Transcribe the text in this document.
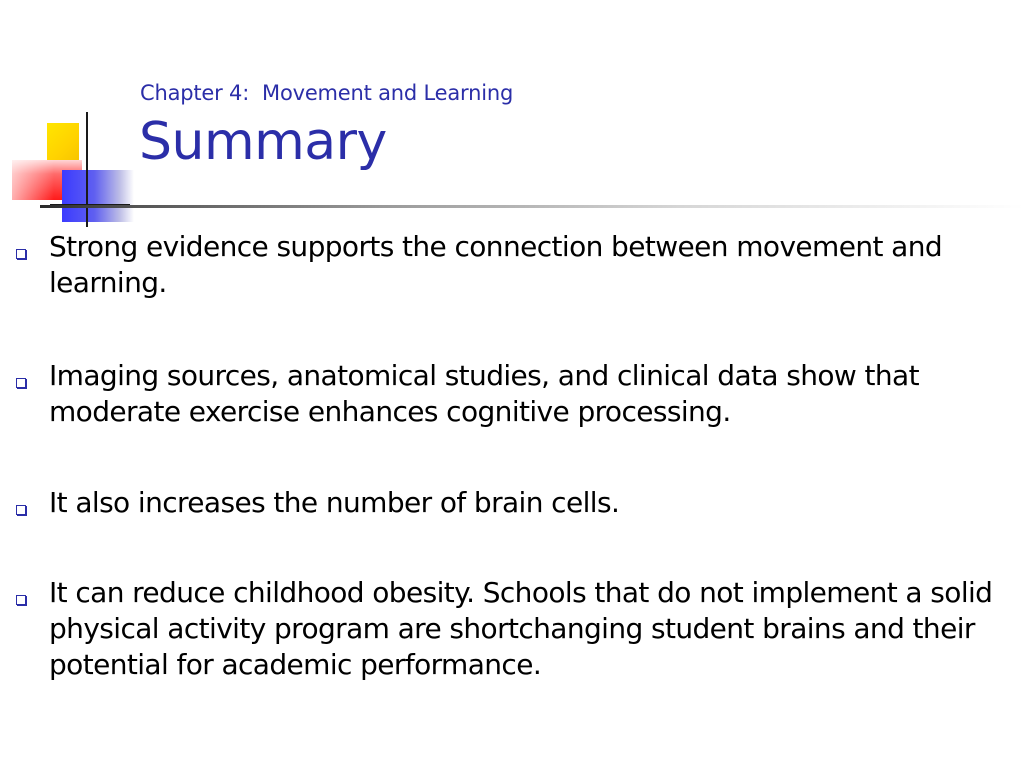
Chapter 4:  Movement and Learning
Summary
Strong evidence supports the connection between movement and learning.
Imaging sources, anatomical studies, and clinical data show that moderate exercise enhances cognitive processing.
It also increases the number of brain cells.
It can reduce childhood obesity. Schools that do not implement a solid physical activity program are shortchanging student brains and their potential for academic performance.
